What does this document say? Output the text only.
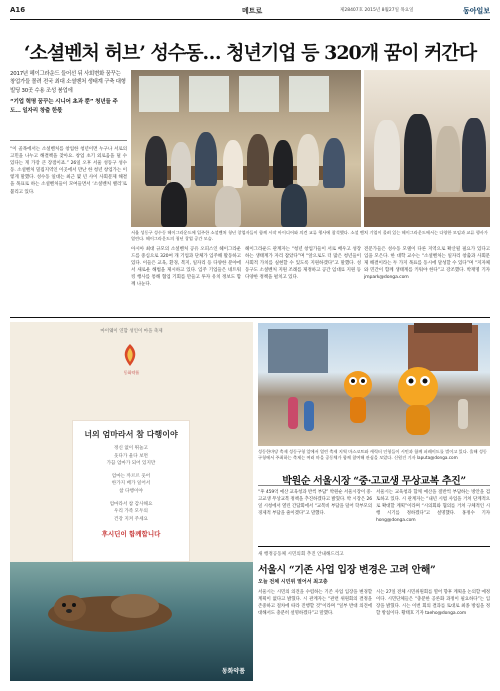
A16	메트로	제28407호 2015년 8월27일 목요일	동아일보
‘소셜벤처 허브’ 성수동… 청년기업 등 320개 꿈이 커간다

2017년 헤이그라운드 들어선 뒤 사회변화 꿈꾸는 창업가들 몰려 전국 최대 소셜벤처 생태계 구축 대형빌딩 30곳 수용 조성 붐업에

“기업 혁명 꿈꾸는 시니어 초과 뿐” 청년들 주도… 일자리 창출 한몫

서울 성동구 성수동 헤이그라운드에 입주한 소셜벤처 청년 창업자들이 함께 시작 아이디어와 의견 교류 행사에 참석했다. 소셜 벤처 기업이 몰려 있는 헤이그라운드에서는 다양한 모임과 교류 행사가 열린다. 헤이그라운드의 청년 창업 공간 모습.
“이 골목에서는 소셜벤처를 창업한 청년이면 누구나 서로의 고민을 나누고 해결책을 찾아요. 창업 초기 외로움을 덜 수 있다는 게 가장 큰 장점이죠.” 26일 오후 서울 성동구 성수동. 소셜벤처 밀집지역인 이곳에서 만난 한 청년 창업가는 이렇게 말했다. 성수동 일대는 최근 몇 년 사이 사회문제 해결을 목표로 하는 소셜벤처들이 모여들면서 ‘소셜벤처 밸리’로 불리고 있다.
아시아 최대 규모의 소셜벤처 공유 오피스인 헤이그라운드를 중심으로 320여 개 기업과 단체가 입주해 활동하고 있다. 이들은 교육, 환경, 복지, 일자리 등 다양한 분야에서 새로운 해법을 제시하고 있다. 입주 기업들은 네트워킹 행사를 통해 협업 기회를 만들고 투자 유치 정보도 함께 나눈다.
헤이그라운드 관계자는 “청년 창업가들이 서로 배우고 성장하는 생태계가 자리 잡았다”며 “앞으로도 더 많은 청년들이 사회적 가치를 실현할 수 있도록 지원하겠다”고 말했다. 성동구도 소셜벤처 지원 조례를 제정하고 공간 임대료 지원 등 다양한 정책을 펼치고 있다.
전문가들은 성수동 모델이 다른 지역으로 확산될 필요가 있다고 입을 모은다. 한 대학 교수는 “소셜벤처는 일자리 창출과 사회문제 해결이라는 두 가지 목표를 동시에 달성할 수 있다”며 “지자체와 민간이 함께 생태계를 키워야 한다”고 강조했다. 박재명 기자 jmpark@donga.com
마이웨이 연합 성인이 마을 축제
동화약품
너의 엄마라서 참 다행이야
정신 없이 뛰놀고
웃다가 울다 보면
가끔 엄마가 되어 있지만
엄마는 까르르 웃어
한가지 배가 일어서
참 다행이야
엄마라서 참 감사해요
우리 가족 모두의
건강 지켜 주세요
후시딘이 함께합니다
동화약품
성동한마당 축제 성동구청 앞에서 열린 축제 지역 마스코트와 캐릭터 인형들이 시민과 함께 퍼레이드를 벌이고 있다. 올해 성동구청에서 주최하는 축제는 여러 마을 공동체가 함께 참여해 관심을 모았다. 신원건 기자 laputa@donga.com
박원순 서울시장 “중·고교생 무상교복 추진”
“후 459억 예산 교육청과 반씩 부담” 박원순 서울시장이 중·고교생 무상교복 정책을 추진하겠다고 밝혔다. 박 시장은 26일 시청에서 열린 간담회에서 “교복비 부담을 덜어 학부모의 경제적 부담을 줄이겠다”고 말했다.
서울시는 교육청과 함께 예산을 절반씩 부담하는 방안을 검토하고 있다. 시 관계자는 “내년 시범 사업을 거쳐 단계적으로 확대할 계획”이라며 “시의회와 협의를 거쳐 구체적인 시행 시기를 정하겠다”고 설명했다. 홍정수 기자 hong@donga.com
새 행정공동체 시민의회 추진 안내해드리고
서울시 “기존 사업 입장 변경은 고려 안해”
오늘 전체 시민위 열어서 최고층
서울시는 시민의 의견을 수렴하는 기존 사업 입장을 변경할 계획이 없다고 밝혔다. 시 관계자는 “관련 위원회의 결정을 존중하고 절차에 따라 진행할 것”이라며 “일부 반대 의견에 대해서도 충분히 설명하겠다”고 말했다.
시는 27일 전체 시민위원회를 열어 향후 계획을 논의할 예정이다. 시민단체들은 “충분한 공론화 과정이 필요하다”는 입장을 밝혔다. 시는 이번 회의 결과를 토대로 최종 방침을 정할 방침이다. 황태호 기자 taeho@donga.com
